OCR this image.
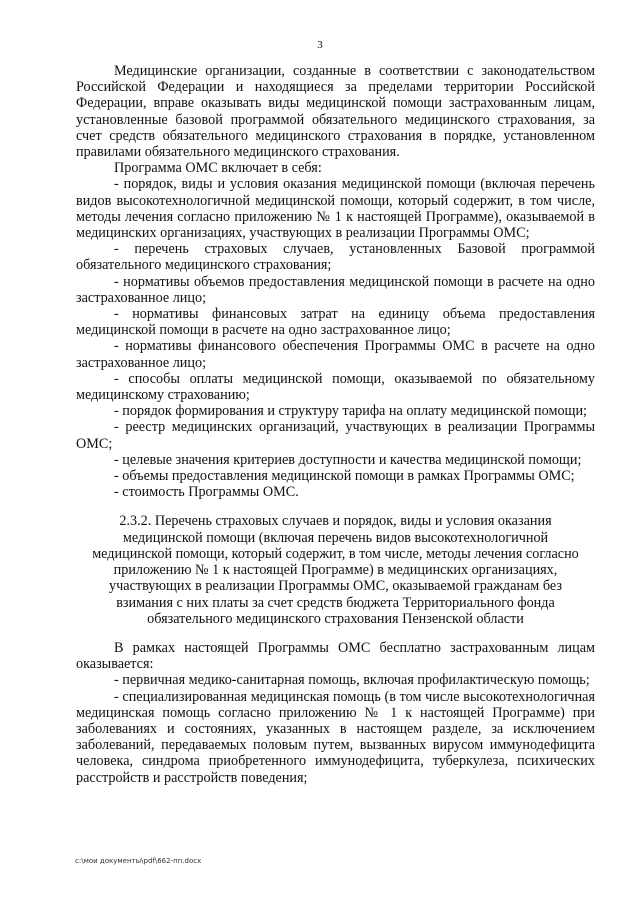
3

Медицинские организации, созданные в соответствии с законодательством Российской Федерации и находящиеся за пределами территории Российской Федерации, вправе оказывать виды медицинской помощи застрахованным лицам, установленные базовой программой обязательного медицинского страхования, за счет средств обязательного медицинского страхования в порядке, установленном правилами обязательного медицинского страхования.

Программа ОМС включает в себя:

- порядок, виды и условия оказания медицинской помощи (включая перечень видов высокотехнологичной медицинской помощи, который содержит, в том числе, методы лечения согласно приложению № 1 к настоящей Программе), оказываемой в медицинских организациях, участвующих в реализации Программы ОМС;

- перечень страховых случаев, установленных Базовой программой обязательного медицинского страхования;

- нормативы объемов предоставления медицинской помощи в расчете на одно застрахованное лицо;

- нормативы финансовых затрат на единицу объема предоставления медицинской помощи в расчете на одно застрахованное лицо;

- нормативы финансового обеспечения Программы ОМС в расчете на одно застрахованное лицо;

- способы оплаты медицинской помощи, оказываемой по обязательному медицинскому страхованию;

- порядок формирования и структуру тарифа на оплату медицинской помощи;

- реестр медицинских организаций, участвующих в реализации Программы ОМС;

- целевые значения критериев доступности и качества медицинской помощи;

- объемы предоставления медицинской помощи в рамках Программы ОМС;

- стоимость Программы ОМС.

2.3.2. Перечень страховых случаев и порядок, виды и условия оказания медицинской помощи (включая перечень видов высокотехнологичной медицинской помощи, который содержит, в том числе, методы лечения согласно приложению № 1 к настоящей Программе) в медицинских организациях, участвующих в реализации Программы ОМС, оказываемой гражданам без взимания с них платы за счет средств бюджета Территориального фонда обязательного медицинского страхования Пензенской области

В рамках настоящей Программы ОМС бесплатно застрахованным лицам оказывается:

- первичная медико-санитарная помощь, включая профилактическую помощь;

- специализированная медицинская помощь (в том числе высокотехнологичная медицинская помощь согласно приложению № 1 к настоящей Программе) при заболеваниях и состояниях, указанных в настоящем разделе, за исключением заболеваний, передаваемых половым путем, вызванных вирусом иммунодефицита человека, синдрома приобретенного иммунодефицита, туберкулеза, психических расстройств и расстройств поведения;

c:\мои документы\pdf\662-пп.docx
